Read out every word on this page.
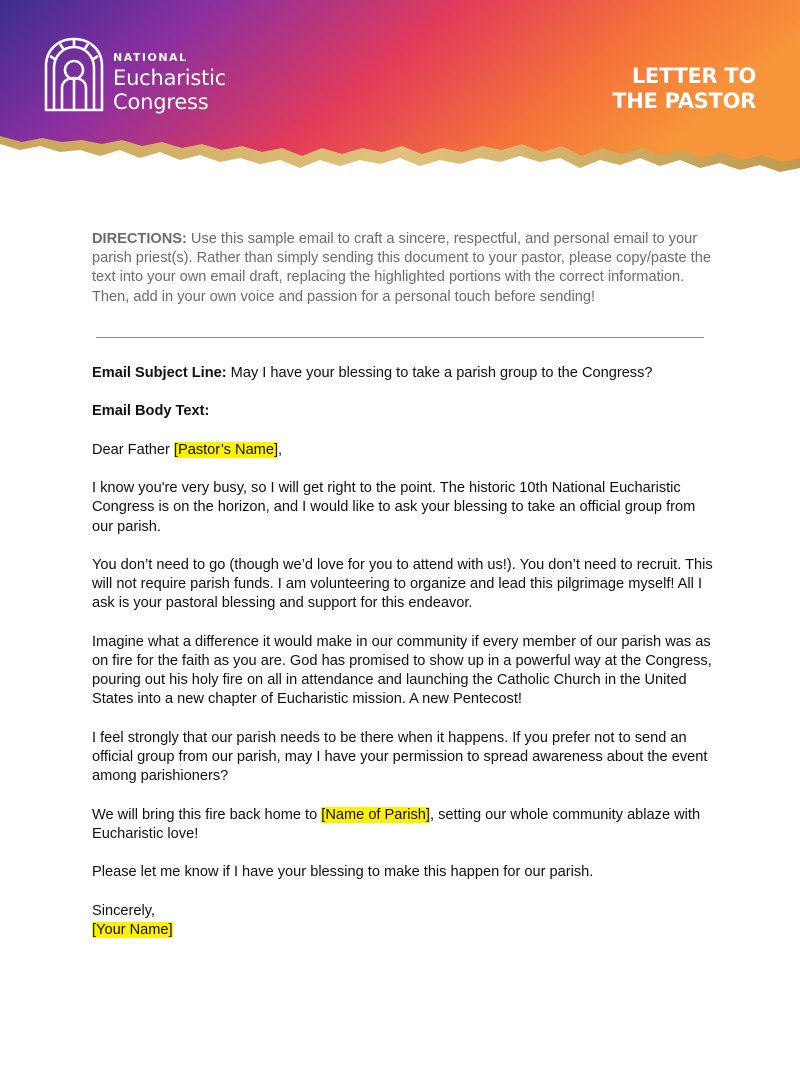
NATIONAL
Eucharistic
Congress
LETTER TO
THE PASTOR

DIRECTIONS: Use this sample email to craft a sincere, respectful, and personal email to your parish priest(s). Rather than simply sending this document to your pastor, please copy/paste the text into your own email draft, replacing the highlighted portions with the correct information. Then, add in your own voice and passion for a personal touch before sending!

Email Subject Line: May I have your blessing to take a parish group to the Congress?

Email Body Text:

Dear Father [Pastor’s Name],

I know you're very busy, so I will get right to the point. The historic 10th National Eucharistic Congress is on the horizon, and I would like to ask your blessing to take an official group from our parish.

You don’t need to go (though we’d love for you to attend with us!). You don’t need to recruit. This will not require parish funds. I am volunteering to organize and lead this pilgrimage myself! All I ask is your pastoral blessing and support for this endeavor.

Imagine what a difference it would make in our community if every member of our parish was as on fire for the faith as you are. God has promised to show up in a powerful way at the Congress, pouring out his holy fire on all in attendance and launching the Catholic Church in the United States into a new chapter of Eucharistic mission. A new Pentecost!

I feel strongly that our parish needs to be there when it happens. If you prefer not to send an official group from our parish, may I have your permission to spread awareness about the event among parishioners?

We will bring this fire back home to [Name of Parish], setting our whole community ablaze with Eucharistic love!

Please let me know if I have your blessing to make this happen for our parish.

Sincerely,
[Your Name]
